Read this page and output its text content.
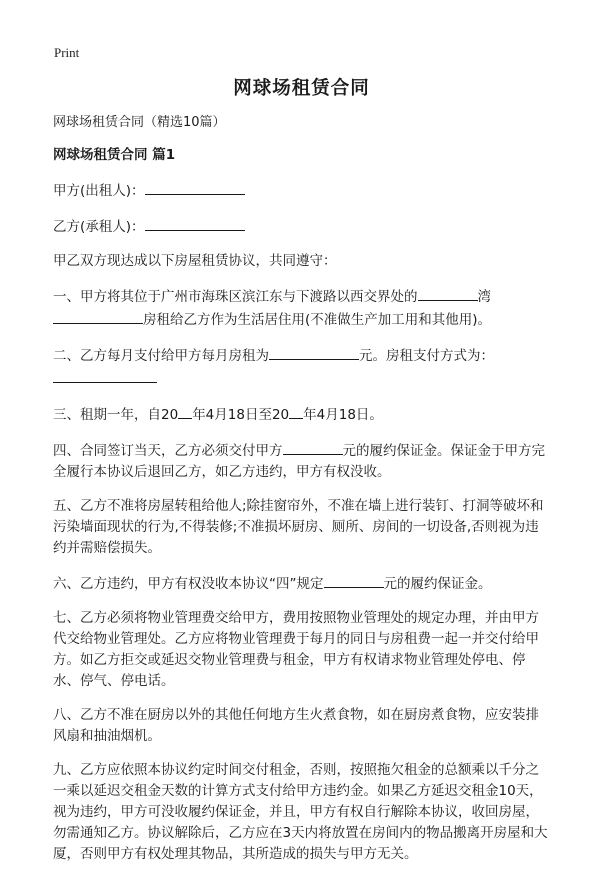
Print
网球场租赁合同
网球场租赁合同（精选10篇）
网球场租赁合同 篇1

甲方(出租人)：

乙方(承租人)：

甲乙双方现达成以下房屋租赁协议，共同遵守：

一、甲方将其位于广州市海珠区滨江东与下渡路以西交界处的	湾
房租给乙方作为生活居住用(不准做生产加工用和其他用)。

二、乙方每月支付给甲方每月房租为	元。房租支付方式为：

三、租期一年，自20 年4月18日至20 年4月18日。

四、合同签订当天，乙方必须交付甲方	元的履约保证金。保证金于甲方完全履行本协议后退回乙方，如乙方违约，甲方有权没收。

五、乙方不准将房屋转租给他人;除挂窗帘外，不准在墙上进行装钉、打洞等破坏和污染墙面现状的行为,不得装修;不准损坏厨房、厕所、房间的一切设备,否则视为违约并需赔偿损失。

六、乙方违约，甲方有权没收本协议“四”规定	元的履约保证金。

七、乙方必须将物业管理费交给甲方，费用按照物业管理处的规定办理，并由甲方代交给物业管理处。乙方应将物业管理费于每月的同日与房租费一起一并交付给甲方。如乙方拒交或延迟交物业管理费与租金，甲方有权请求物业管理处停电、停水、停气、停电话。

八、乙方不准在厨房以外的其他任何地方生火煮食物，如在厨房煮食物，应安装排风扇和抽油烟机。

九、乙方应依照本协议约定时间交付租金，否则，按照拖欠租金的总额乘以千分之一乘以延迟交租金天数的计算方式支付给甲方违约金。如果乙方延迟交租金10天，视为违约，甲方可没收履约保证金，并且，甲方有权自行解除本协议，收回房屋，勿需通知乙方。协议解除后，乙方应在3天内将放置在房间内的物品搬离开房屋和大厦，否则甲方有权处理其物品，其所造成的损失与甲方无关。
